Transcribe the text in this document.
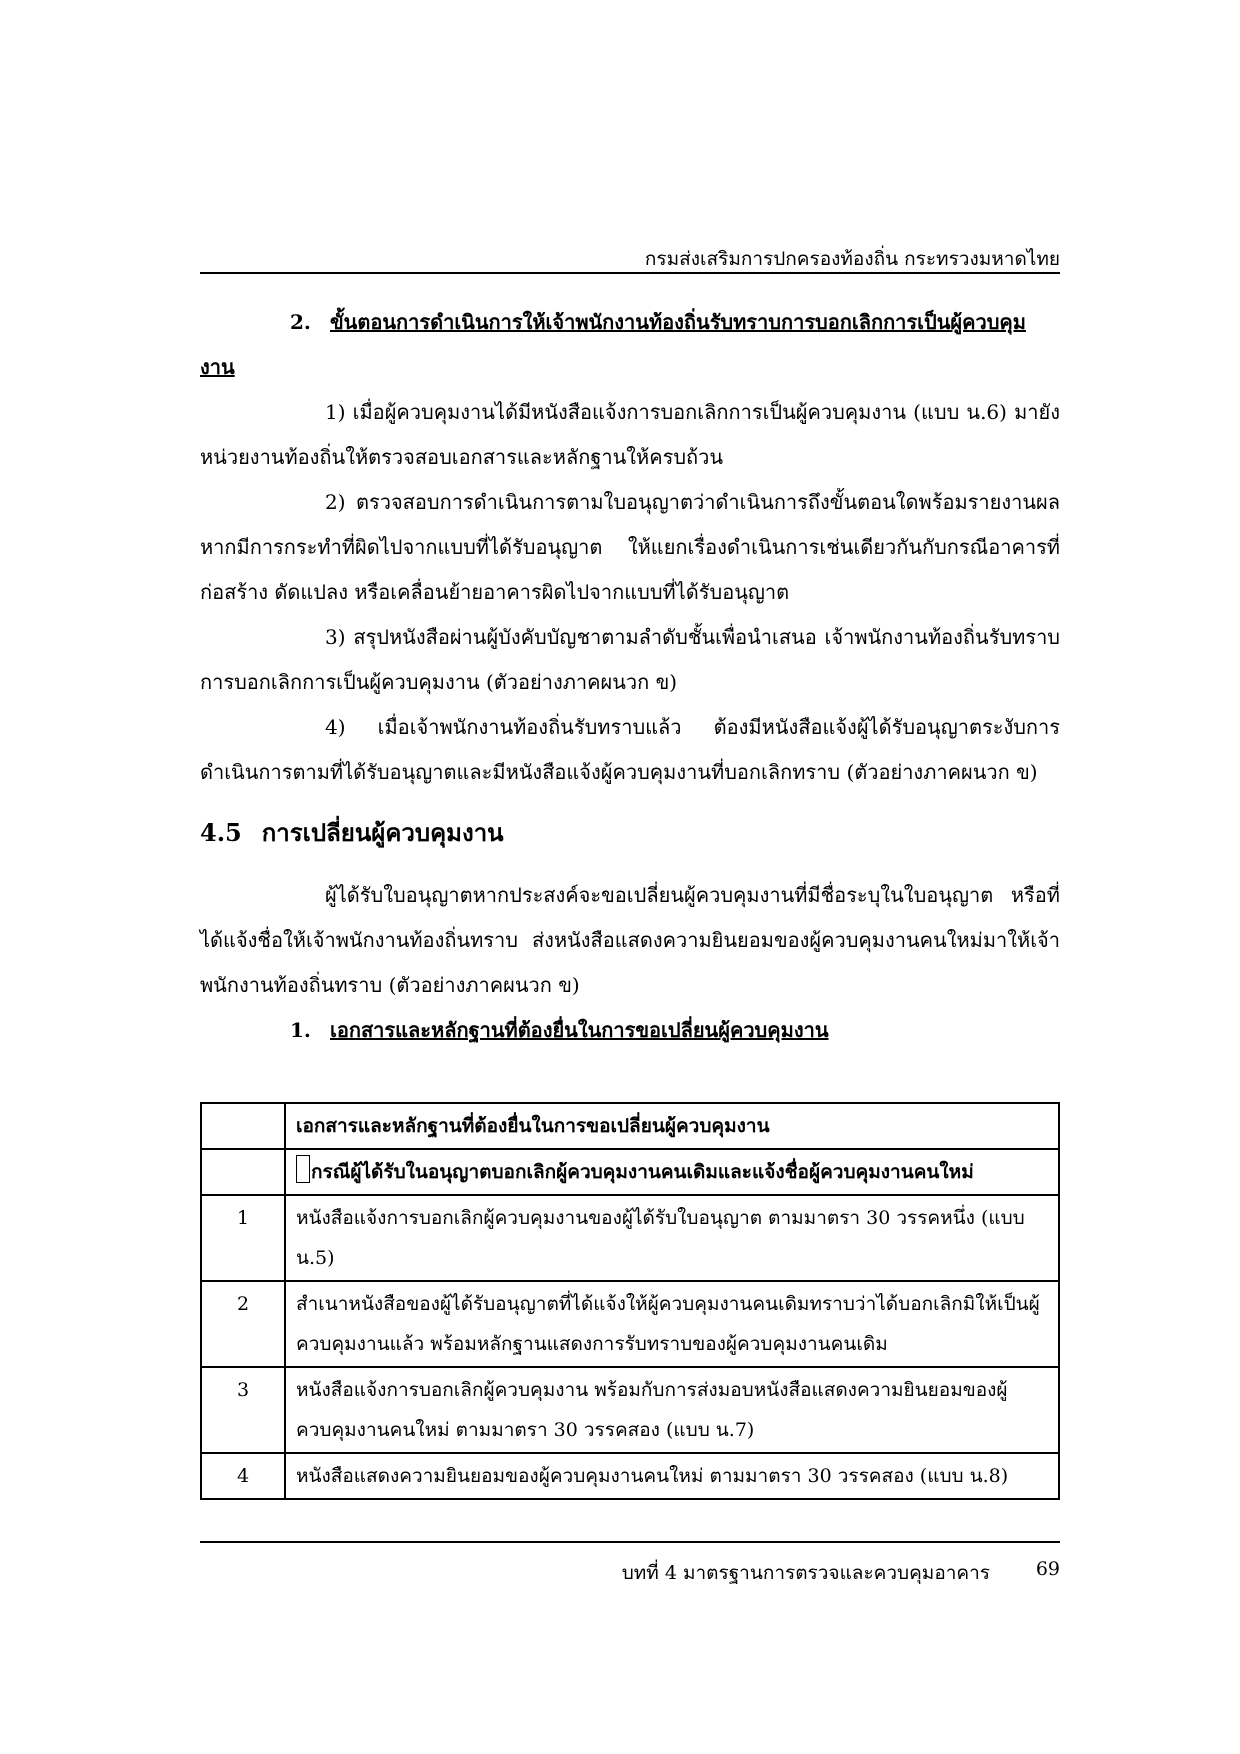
กรมส่งเสริมการปกครองท้องถิ่น กระทรวงมหาดไทย

2. ขั้นตอนการดำเนินการให้เจ้าพนักงานท้องถิ่นรับทราบการบอกเลิกการเป็นผู้ควบคุมงาน

1) เมื่อผู้ควบคุมงานได้มีหนังสือแจ้งการบอกเลิกการเป็นผู้ควบคุมงาน (แบบ น.6) มายังหน่วยงานท้องถิ่นให้ตรวจสอบเอกสารและหลักฐานให้ครบถ้วน

2) ตรวจสอบการดำเนินการตามใบอนุญาตว่าดำเนินการถึงขั้นตอนใดพร้อมรายงานผล หากมีการกระทำที่ผิดไปจากแบบที่ได้รับอนุญาต ให้แยกเรื่องดำเนินการเช่นเดียวกันกับกรณีอาคารที่ก่อสร้าง ดัดแปลง หรือเคลื่อนย้ายอาคารผิดไปจากแบบที่ได้รับอนุญาต

3) สรุปหนังสือผ่านผู้บังคับบัญชาตามลำดับชั้นเพื่อนำเสนอ เจ้าพนักงานท้องถิ่นรับทราบการบอกเลิกการเป็นผู้ควบคุมงาน (ตัวอย่างภาคผนวก ข)

4) เมื่อเจ้าพนักงานท้องถิ่นรับทราบแล้ว ต้องมีหนังสือแจ้งผู้ได้รับอนุญาตระงับการดำเนินการตามที่ได้รับอนุญาตและมีหนังสือแจ้งผู้ควบคุมงานที่บอกเลิกทราบ (ตัวอย่างภาคผนวก ข)

4.5 การเปลี่ยนผู้ควบคุมงาน

ผู้ได้รับใบอนุญาตหากประสงค์จะขอเปลี่ยนผู้ควบคุมงานที่มีชื่อระบุในใบอนุญาต หรือที่ได้แจ้งชื่อให้เจ้าพนักงานท้องถิ่นทราบ ส่งหนังสือแสดงความยินยอมของผู้ควบคุมงานคนใหม่มาให้เจ้าพนักงานท้องถิ่นทราบ (ตัวอย่างภาคผนวก ข)

1. เอกสารและหลักฐานที่ต้องยื่นในการขอเปลี่ยนผู้ควบคุมงาน

	เอกสารและหลักฐานที่ต้องยื่นในการขอเปลี่ยนผู้ควบคุมงาน
	กรณีผู้ได้รับในอนุญาตบอกเลิกผู้ควบคุมงานคนเดิมและแจ้งชื่อผู้ควบคุมงานคนใหม่
1	หนังสือแจ้งการบอกเลิกผู้ควบคุมงานของผู้ได้รับใบอนุญาต ตามมาตรา 30 วรรคหนึ่ง (แบบ น.5)
2	สำเนาหนังสือของผู้ได้รับอนุญาตที่ได้แจ้งให้ผู้ควบคุมงานคนเดิมทราบว่าได้บอกเลิกมิให้เป็นผู้ควบคุมงานแล้ว พร้อมหลักฐานแสดงการรับทราบของผู้ควบคุมงานคนเดิม
3	หนังสือแจ้งการบอกเลิกผู้ควบคุมงาน พร้อมกับการส่งมอบหนังสือแสดงความยินยอมของผู้ควบคุมงานคนใหม่ ตามมาตรา 30 วรรคสอง (แบบ น.7)
4	หนังสือแสดงความยินยอมของผู้ควบคุมงานคนใหม่ ตามมาตรา 30 วรรคสอง (แบบ น.8)
บทที่ 4 มาตรฐานการตรวจและควบคุมอาคาร 69
